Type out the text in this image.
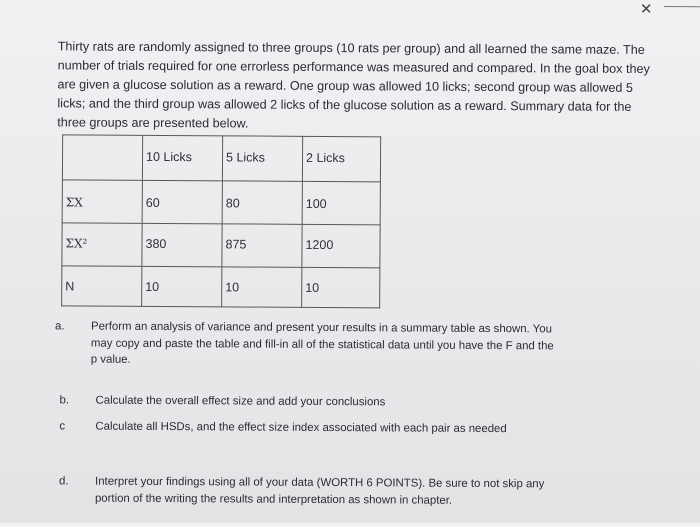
✕

Thirty rats are randomly assigned to three groups (10 rats per group) and all learned the same maze. The number of trials required for one errorless performance was measured and compared. In the goal box they are given a glucose solution as a reward. One group was allowed 10 licks; second group was allowed 5 licks; and the third group was allowed 2 licks of the glucose solution as a reward. Summary data for the three groups are presented below.

	10 Licks	5 Licks	2 Licks
ΣX	60	80	100
ΣX²	380	875	1200
N	10	10	10
a. Perform an analysis of variance and present your results in a summary table as shown. You may copy and paste the table and fill-in all of the statistical data until you have the F and the p value.
b. Calculate the overall effect size and add your conclusions
c	Calculate all HSDs, and the effect size index associated with each pair as needed
d. Interpret your findings using all of your data (WORTH 6 POINTS). Be sure to not skip any portion of the writing the results and interpretation as shown in chapter.
